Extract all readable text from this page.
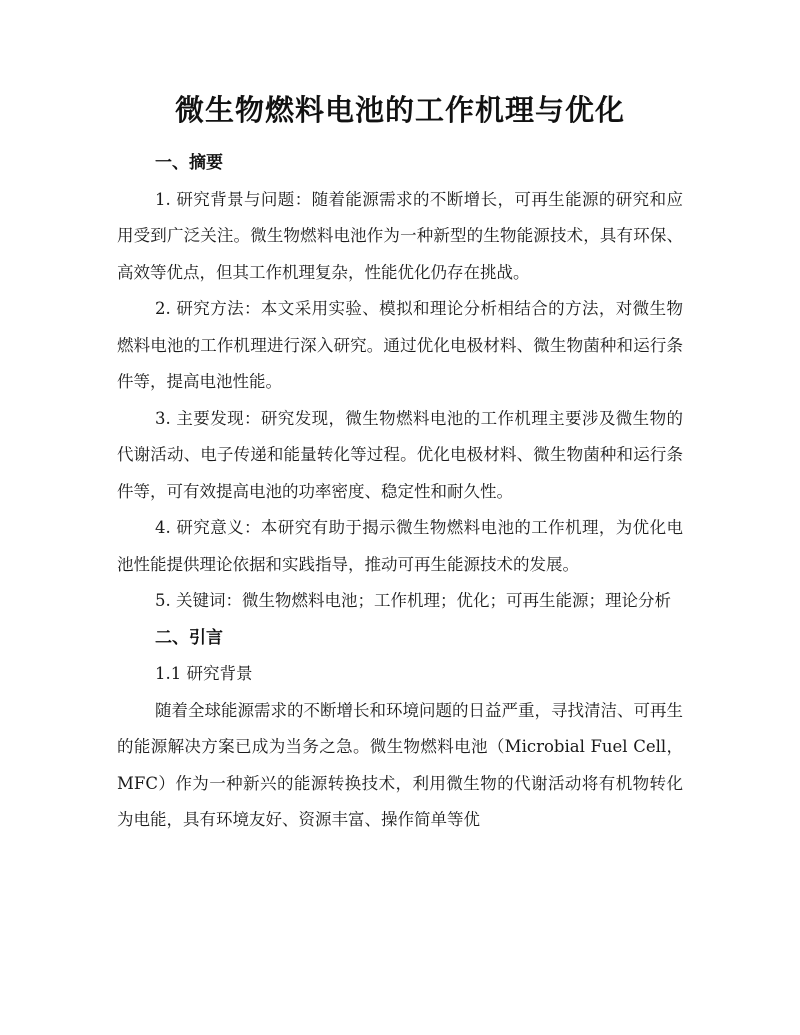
微生物燃料电池的工作机理与优化
一、摘要

1. 研究背景与问题：随着能源需求的不断增长，可再生能源的研究和应用受到广泛关注。微生物燃料电池作为一种新型的生物能源技术，具有环保、高效等优点，但其工作机理复杂，性能优化仍存在挑战。

2. 研究方法：本文采用实验、模拟和理论分析相结合的方法，对微生物燃料电池的工作机理进行深入研究。通过优化电极材料、微生物菌种和运行条件等，提高电池性能。

3. 主要发现：研究发现，微生物燃料电池的工作机理主要涉及微生物的代谢活动、电子传递和能量转化等过程。优化电极材料、微生物菌种和运行条件等，可有效提高电池的功率密度、稳定性和耐久性。

4. 研究意义：本研究有助于揭示微生物燃料电池的工作机理，为优化电池性能提供理论依据和实践指导，推动可再生能源技术的发展。

5. 关键词：微生物燃料电池；工作机理；优化；可再生能源；理论分析

二、引言
1.1 研究背景

随着全球能源需求的不断增长和环境问题的日益严重，寻找清洁、可再生的能源解决方案已成为当务之急。微生物燃料电池（Microbial Fuel Cell，MFC）作为一种新兴的能源转换技术，利用微生物的代谢活动将有机物转化为电能，具有环境友好、资源丰富、操作简单等优
